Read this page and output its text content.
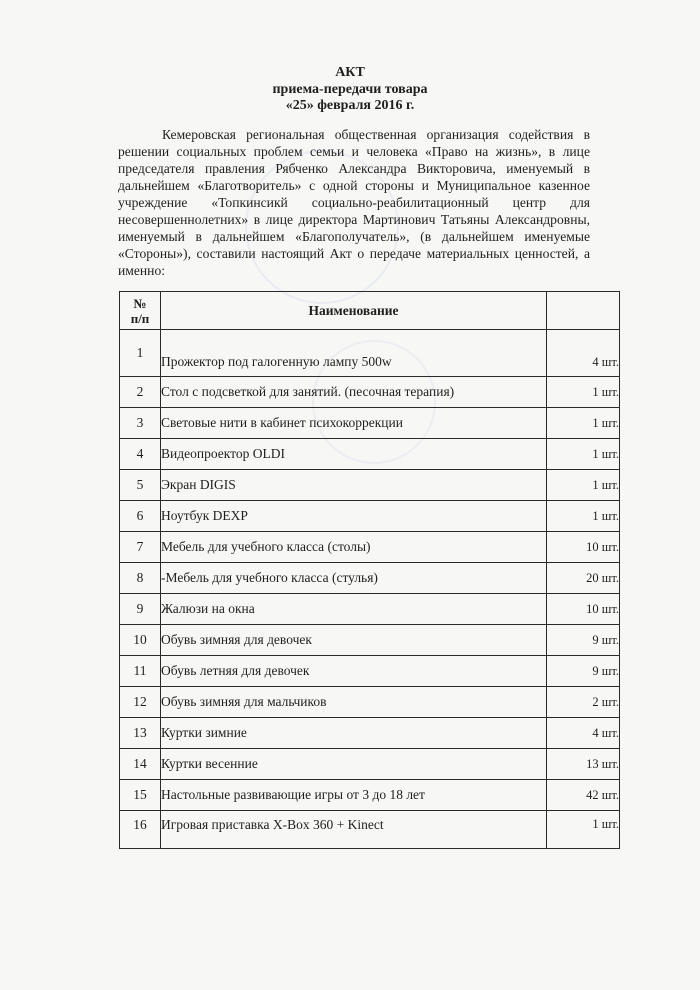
АКТ
приема-передачи товара
«25» февраля 2016 г.
Кемеровская региональная общественная организация содействия в решении социальных проблем семьи и человека «Право на жизнь», в лице председателя правления Рябченко Александра Викторовича, именуемый в дальнейшем «Благотворитель» с одной стороны и Муниципальное казенное учреждение «Топкинсикй социально-реабилитационный центр для несовершеннолетних» в лице директора Мартинович Татьяны Александровны, именуемый в дальнейшем «Благополучатель», (в дальнейшем именуемые «Стороны»), составили настоящий Акт о передаче материальных ценностей, а именно:
№
п/п	Наименование	
1	Прожектор под галогенную лампу 500w	4 шт.
2	Стол с подсветкой для занятий. (песочная терапия)	1 шт.
3	Световые нити в кабинет психокоррекции	1 шт.
4	Видеопроектор OLDI	1 шт.
5	Экран DIGIS	1 шт.
6	Ноутбук DEXP	1 шт.
7	Мебель для учебного класса (столы)	10 шт.
8	-Мебель для учебного класса (стулья)	20 шт.
9	Жалюзи на окна	10 шт.
10	Обувь зимняя для девочек	9 шт.
11	Обувь летняя для девочек	9 шт.
12	Обувь зимняя для мальчиков	2 шт.
13	Куртки зимние	4 шт.
14	Куртки весенние	13 шт.
15	Настольные развивающие игры от 3 до 18 лет	42 шт.
16	Игровая приставка X-Box 360 + Kinect	1 шт.
